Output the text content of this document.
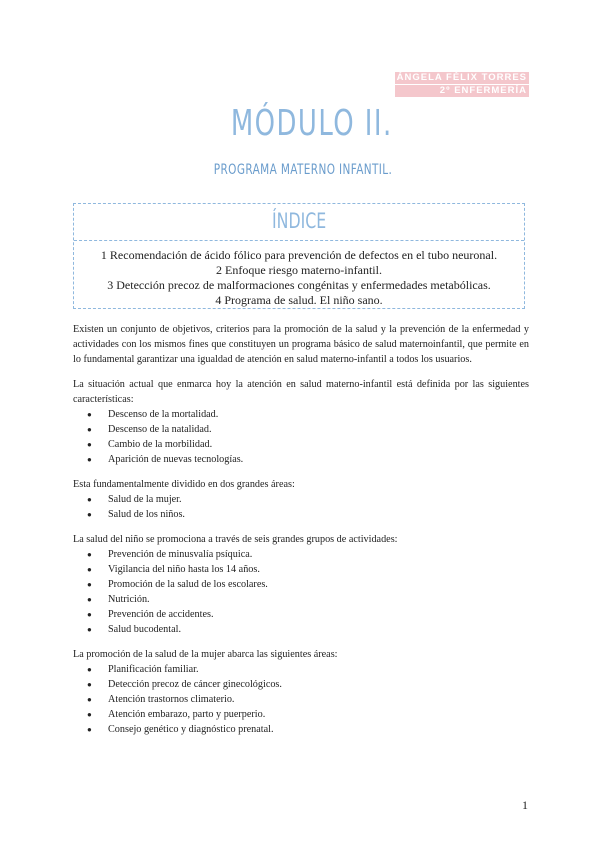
ÁNGELA FÉLIX TORRES
2º ENFERMERÍA
MÓDULO II.
PROGRAMA MATERNO INFANTIL.
ÍNDICE
1 Recomendación de ácido fólico para prevención de defectos en el tubo neuronal.
2 Enfoque riesgo materno-infantil.
3 Detección precoz de malformaciones congénitas y enfermedades metabólicas.
4 Programa de salud. El niño sano.

Existen un conjunto de objetivos, criterios para la promoción de la salud y la prevención de la enfermedad y actividades con los mismos fines que constituyen un programa básico de salud maternoinfantil, que permite en lo fundamental garantizar una igualdad de atención en salud materno-infantil a todos los usuarios.

La situación actual que enmarca hoy la atención en salud materno-infantil está definida por las siguientes características:

● Descenso de la mortalidad.
● Descenso de la natalidad.
● Cambio de la morbilidad.
● Aparición de nuevas tecnologías.

Esta fundamentalmente dividido en dos grandes áreas:

● Salud de la mujer.
● Salud de los niños.

La salud del niño se promociona a través de seis grandes grupos de actividades:

● Prevención de minusvalía psíquica.
● Vigilancia del niño hasta los 14 años.
● Promoción de la salud de los escolares.
● Nutrición.
● Prevención de accidentes.
● Salud bucodental.

La promoción de la salud de la mujer abarca las siguientes áreas:

● Planificación familiar.
● Detección precoz de cáncer ginecológicos.
● Atención trastornos climaterio.
● Atención embarazo, parto y puerperio.
● Consejo genético y diagnóstico prenatal.
1
